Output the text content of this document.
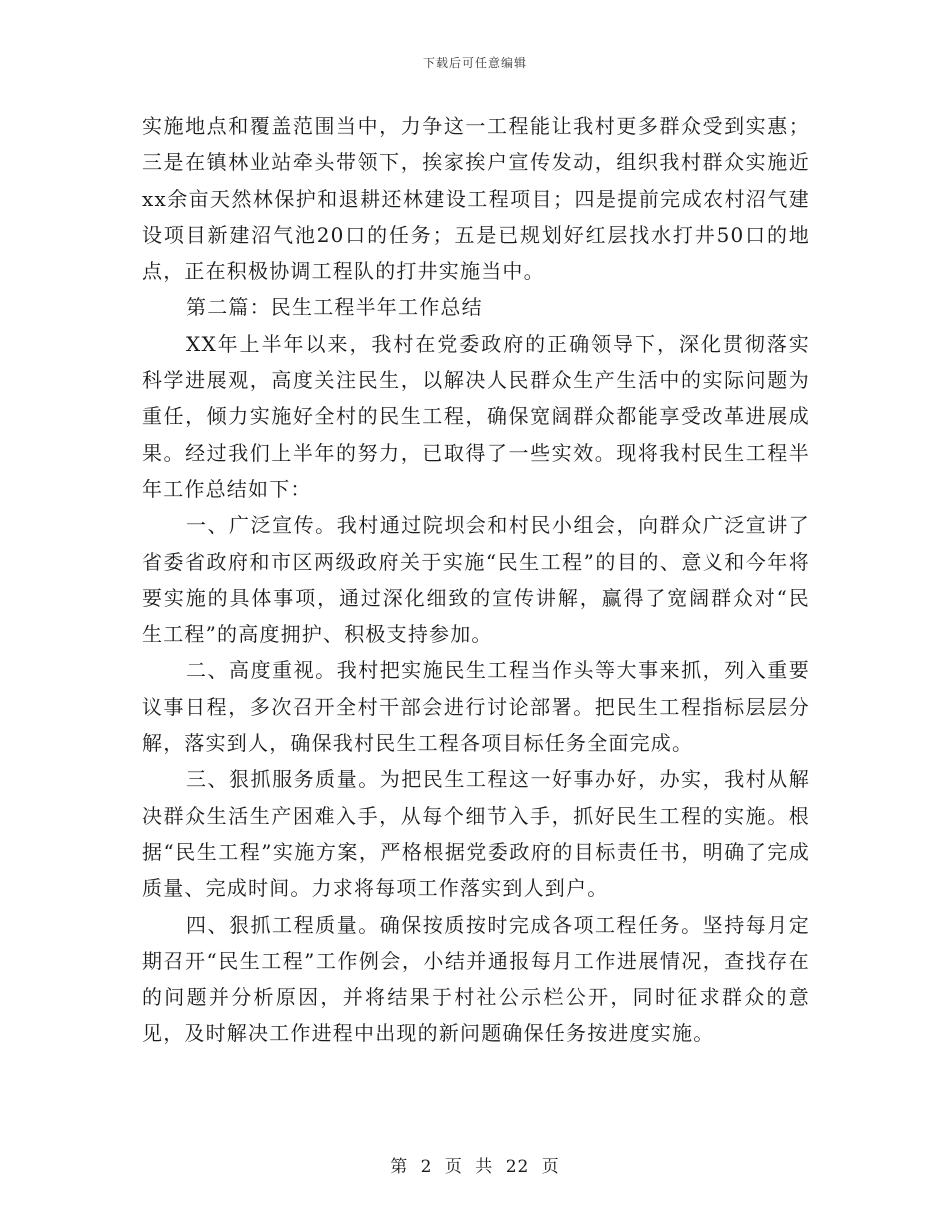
下载后可任意编辑

实施地点和覆盖范围当中，力争这一工程能让我村更多群众受到实惠；三是在镇林业站牵头带领下，挨家挨户宣传发动，组织我村群众实施近xx余亩天然林保护和退耕还林建设工程项目；四是提前完成农村沼气建设项目新建沼气池20口的任务；五是已规划好红层找水打井50口的地点，正在积极协调工程队的打井实施当中。

第二篇：民生工程半年工作总结

XX年上半年以来，我村在党委政府的正确领导下，深化贯彻落实科学进展观，高度关注民生，以解决人民群众生产生活中的实际问题为重任，倾力实施好全村的民生工程，确保宽阔群众都能享受改革进展成果。经过我们上半年的努力，已取得了一些实效。现将我村民生工程半年工作总结如下：

一、广泛宣传。我村通过院坝会和村民小组会，向群众广泛宣讲了省委省政府和市区两级政府关于实施“民生工程”的目的、意义和今年将要实施的具体事项，通过深化细致的宣传讲解，赢得了宽阔群众对“民生工程”的高度拥护、积极支持参加。

二、高度重视。我村把实施民生工程当作头等大事来抓，列入重要议事日程，多次召开全村干部会进行讨论部署。把民生工程指标层层分解，落实到人，确保我村民生工程各项目标任务全面完成。

三、狠抓服务质量。为把民生工程这一好事办好，办实，我村从解决群众生活生产困难入手，从每个细节入手，抓好民生工程的实施。根据“民生工程”实施方案，严格根据党委政府的目标责任书，明确了完成质量、完成时间。力求将每项工作落实到人到户。

四、狠抓工程质量。确保按质按时完成各项工程任务。坚持每月定期召开“民生工程”工作例会，小结并通报每月工作进展情况，查找存在的问题并分析原因，并将结果于村社公示栏公开，同时征求群众的意见，及时解决工作进程中出现的新问题确保任务按进度实施。

第 2 页 共 22 页
